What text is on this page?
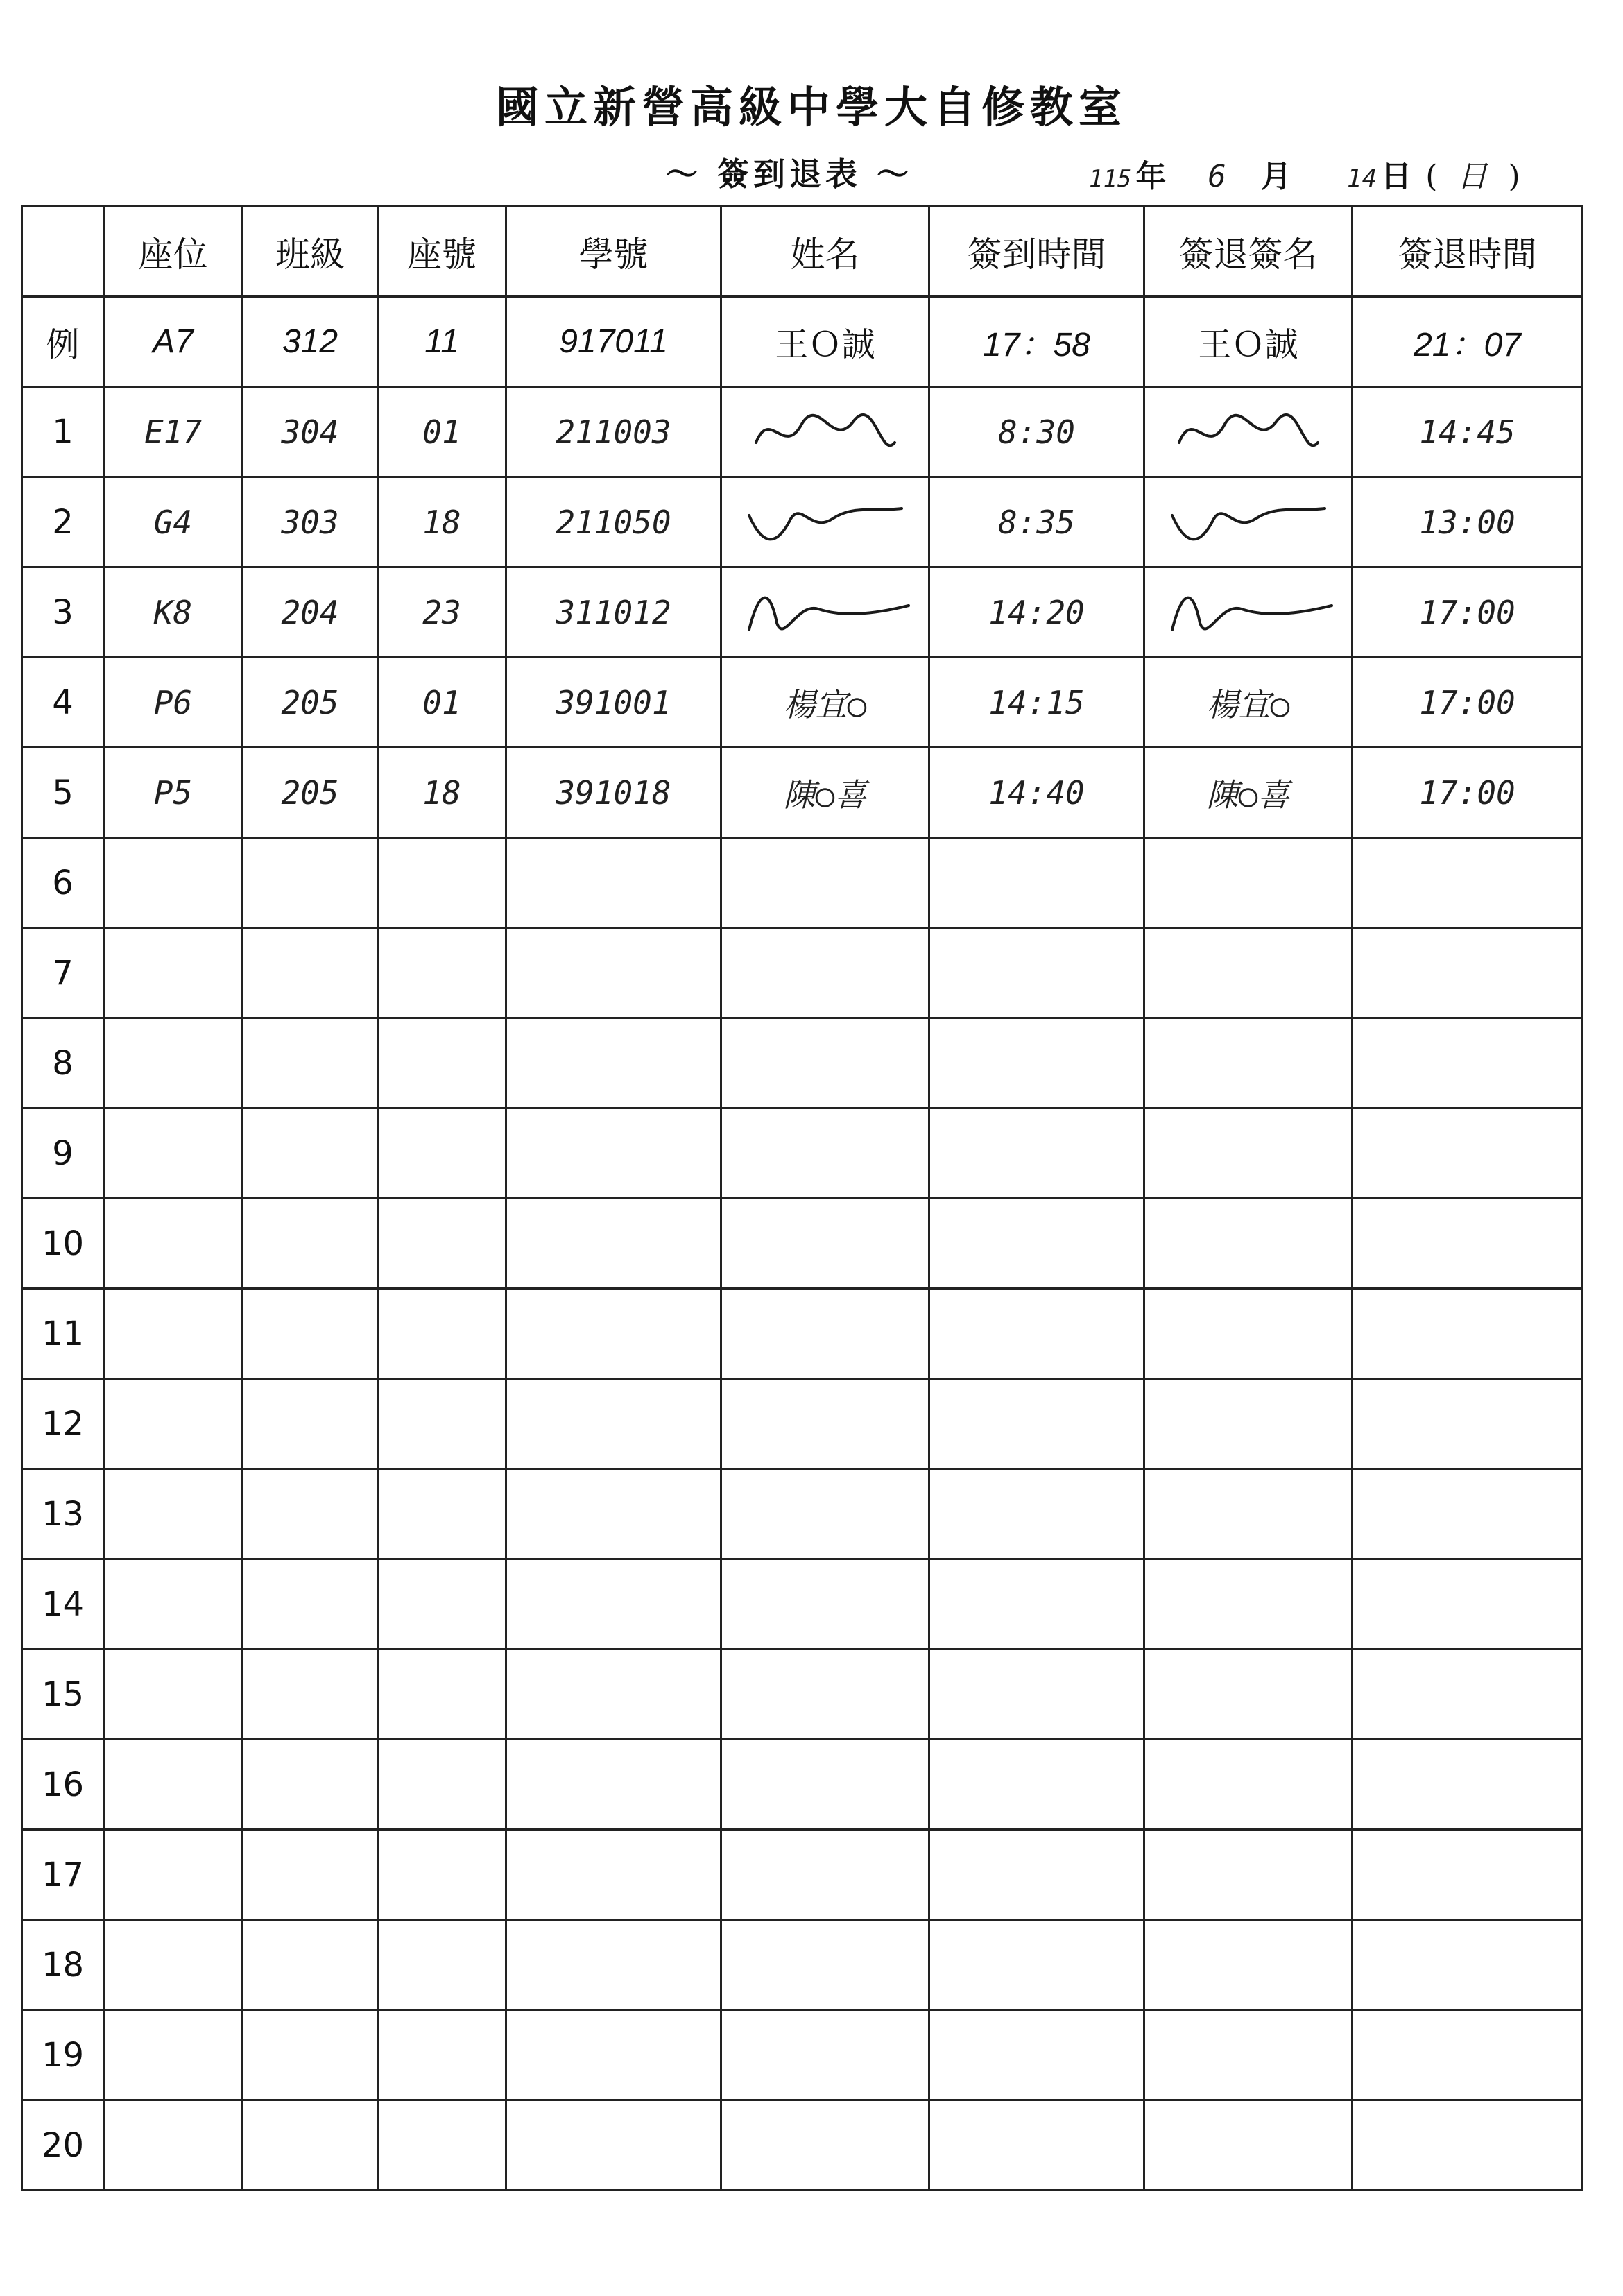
國立新營高級中學大自修教室
～ 簽到退表 ～	115 年 6 月 14 日 ( 日 )
	座位	班級	座號	學號	姓名	簽到時間	簽退簽名	簽退時間
例	A7	312	11	917011	王Ｏ誠	17：58	王Ｏ誠	21：07
1	E17	304	01	211003		8:30		14:45
2	G4	303	18	211050		8:35		13:00
3	K8	204	23	311012		14:20		17:00
4	P6	205	01	391001	楊宜○	14:15	楊宜○	17:00
5	P5	205	18	391018	陳○喜	14:40	陳○喜	17:00
6								
7								
8								
9								
10								
11								
12								
13								
14								
15								
16								
17								
18								
19								
20								
